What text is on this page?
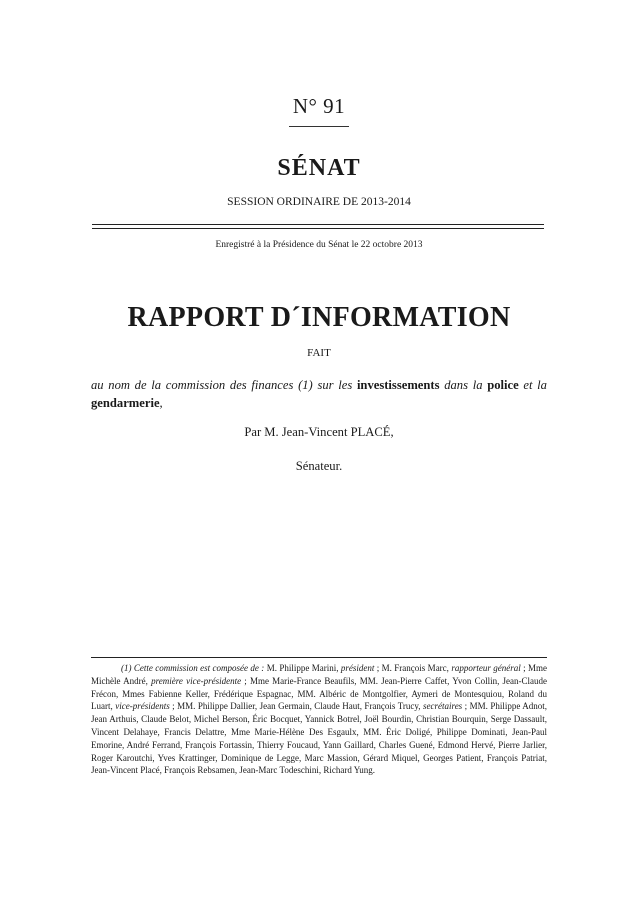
N° 91
SÉNAT
SESSION ORDINAIRE DE 2013-2014
Enregistré à la Présidence du Sénat le 22 octobre 2013
RAPPORT D´INFORMATION
FAIT
au nom de la commission des finances (1) sur les investissements dans la police et la gendarmerie,
Par M. Jean-Vincent PLACÉ,
Sénateur.
(1) Cette commission est composée de : M. Philippe Marini, président ; M. François Marc, rapporteur général ; Mme Michèle André, première vice-présidente ; Mme Marie-France Beaufils, MM. Jean-Pierre Caffet, Yvon Collin, Jean-Claude Frécon, Mmes Fabienne Keller, Frédérique Espagnac, MM. Albéric de Montgolfier, Aymeri de Montesquiou, Roland du Luart, vice-présidents ; MM. Philippe Dallier, Jean Germain, Claude Haut, François Trucy, secrétaires ; MM. Philippe Adnot, Jean Arthuis, Claude Belot, Michel Berson, Éric Bocquet, Yannick Botrel, Joël Bourdin, Christian Bourquin, Serge Dassault, Vincent Delahaye, Francis Delattre, Mme Marie-Hélène Des Esgaulx, MM. Éric Doligé, Philippe Dominati, Jean-Paul Emorine, André Ferrand, François Fortassin, Thierry Foucaud, Yann Gaillard, Charles Guené, Edmond Hervé, Pierre Jarlier, Roger Karoutchi, Yves Krattinger, Dominique de Legge, Marc Massion, Gérard Miquel, Georges Patient, François Patriat, Jean-Vincent Placé, François Rebsamen, Jean-Marc Todeschini, Richard Yung.
